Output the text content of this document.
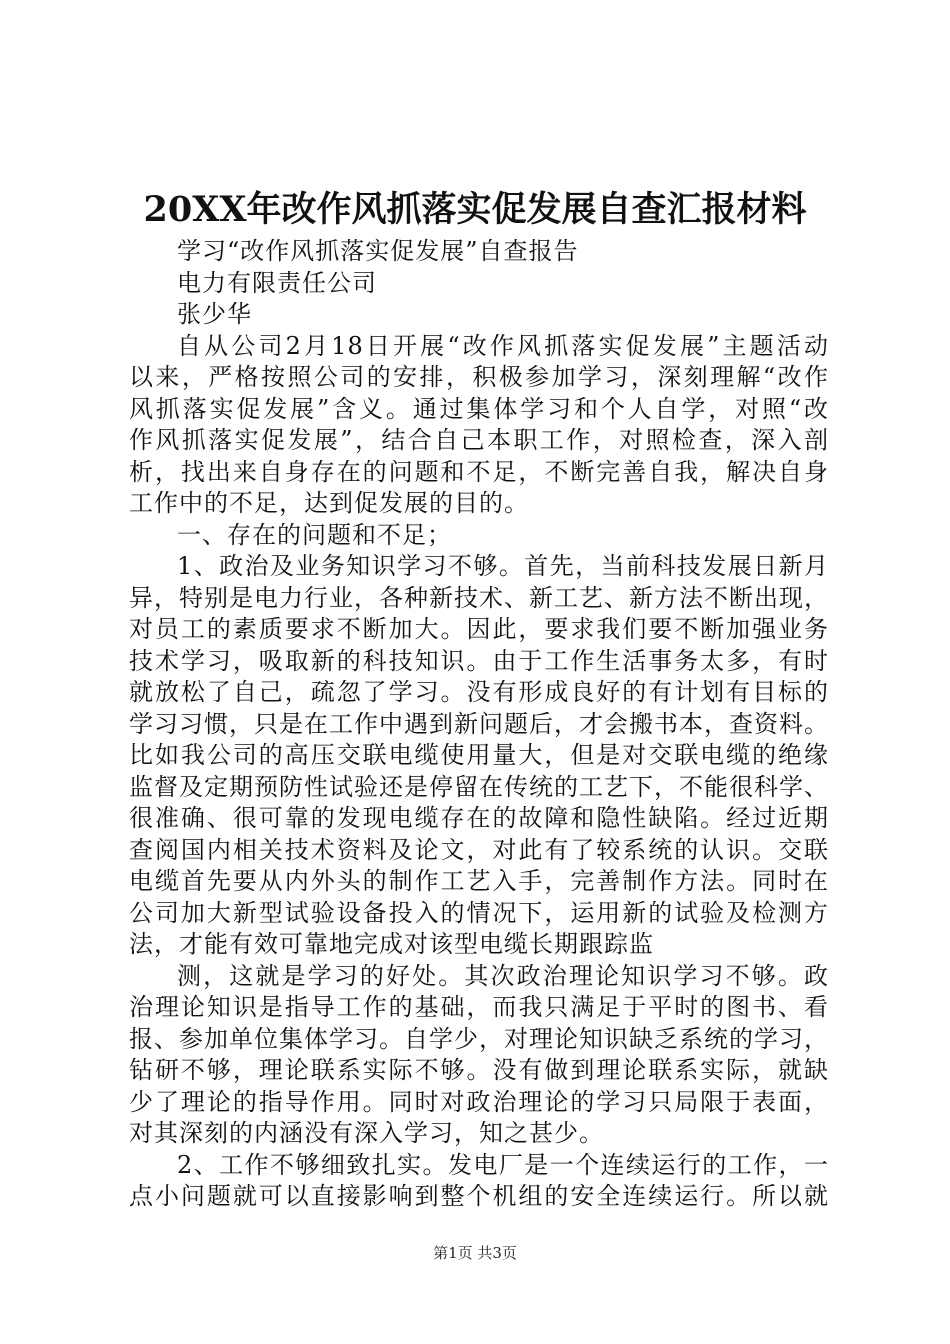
20XX年改作风抓落实促发展自查汇报材料
学习“改作风抓落实促发展”自查报告
电力有限责任公司
张少华
自从公司2月18日开展“改作风抓落实促发展”主题活动
以来，严格按照公司的安排，积极参加学习，深刻理解“改作
风抓落实促发展”含义。通过集体学习和个人自学，对照“改
作风抓落实促发展”，结合自己本职工作，对照检查，深入剖
析，找出来自身存在的问题和不足，不断完善自我，解决自身
工作中的不足，达到促发展的目的。
一、存在的问题和不足；
1、政治及业务知识学习不够。首先，当前科技发展日新月
异，特别是电力行业，各种新技术、新工艺、新方法不断出现，
对员工的素质要求不断加大。因此，要求我们要不断加强业务
技术学习，吸取新的科技知识。由于工作生活事务太多，有时
就放松了自己，疏忽了学习。没有形成良好的有计划有目标的
学习习惯，只是在工作中遇到新问题后，才会搬书本，查资料。
比如我公司的高压交联电缆使用量大，但是对交联电缆的绝缘
监督及定期预防性试验还是停留在传统的工艺下，不能很科学、
很准确、很可靠的发现电缆存在的故障和隐性缺陷。经过近期
查阅国内相关技术资料及论文，对此有了较系统的认识。交联
电缆首先要从内外头的制作工艺入手，完善制作方法。同时在
公司加大新型试验设备投入的情况下，运用新的试验及检测方
法，才能有效可靠地完成对该型电缆长期跟踪监
测，这就是学习的好处。其次政治理论知识学习不够。政
治理论知识是指导工作的基础，而我只满足于平时的图书、看
报、参加单位集体学习。自学少，对理论知识缺乏系统的学习，
钻研不够，理论联系实际不够。没有做到理论联系实际，就缺
少了理论的指导作用。同时对政治理论的学习只局限于表面，
对其深刻的内涵没有深入学习，知之甚少。
2、工作不够细致扎实。发电厂是一个连续运行的工作，一
点小问题就可以直接影响到整个机组的安全连续运行。所以就
第1页 共3页
